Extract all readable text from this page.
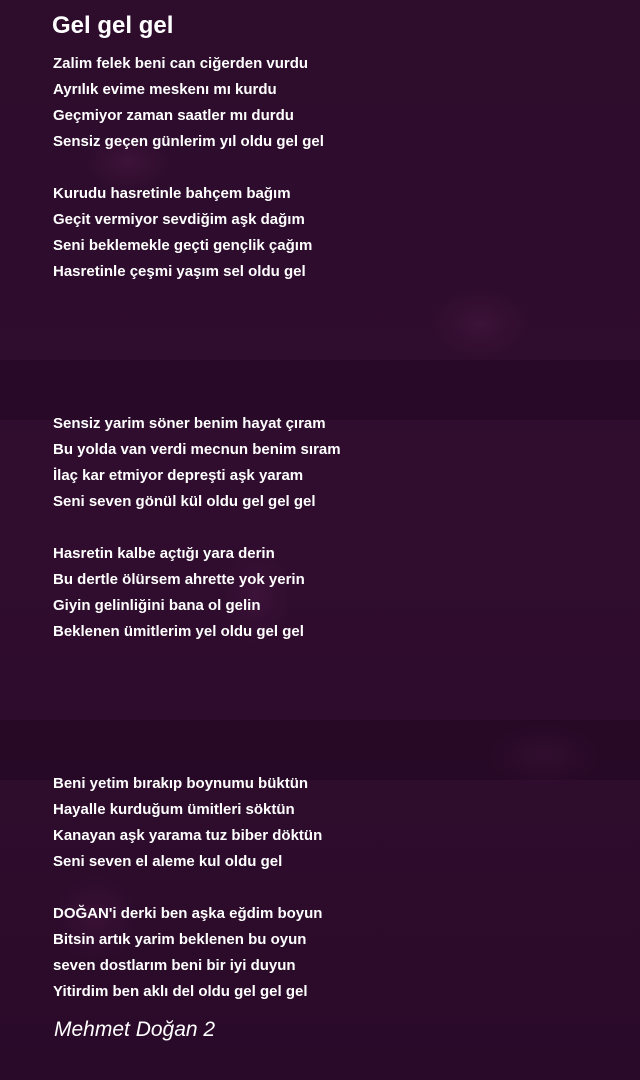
Gel gel gel
Zalim felek beni can ciğerden vurdu
Ayrılık evime meskenı mı kurdu
Geçmiyor zaman saatler mı durdu
Sensiz geçen günlerim yıl oldu gel gel
Kurudu hasretinle bahçem bağım
Geçit vermiyor sevdiğim aşk dağım
Seni beklemekle geçti gençlik çağım
Hasretinle çeşmi yaşım sel oldu gel
Sensiz yarim söner benim hayat çıram
Bu yolda van verdi mecnun benim sıram
İlaç kar etmiyor depreşti aşk yaram
Seni seven gönül kül oldu gel gel gel
Hasretin kalbe açtığı yara derin
Bu dertle ölürsem ahrette yok yerin
Giyin gelinliğini bana ol gelin
Beklenen ümitlerim yel oldu gel gel
Beni yetim bırakıp boynumu büktün
Hayalle kurduğum ümitleri söktün
Kanayan aşk yarama tuz biber döktün
Seni seven el aleme kul oldu gel
DOĞAN'i derki ben aşka eğdim boyun
Bitsin artık yarim beklenen bu oyun
seven dostlarım beni bir iyi duyun
Yitirdim ben aklı del oldu gel gel gel
Mehmet Doğan 2
